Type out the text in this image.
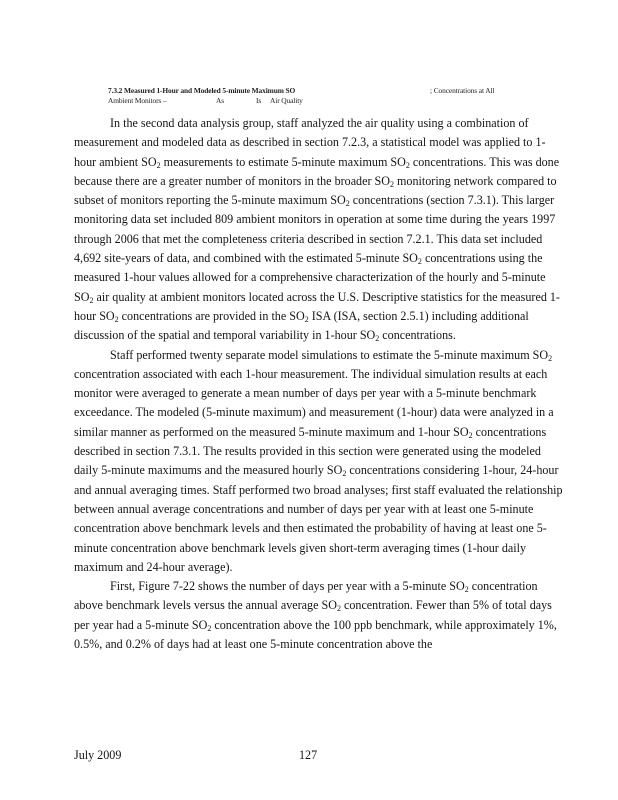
7.3.2 Measured 1-Hour and Modeled 5-minute Maximum SO	; Concentrations at All
Ambient Monitors –	As	Is Air Quality

In the second data analysis group, staff analyzed the air quality using a combination of measurement and modeled data as described in section 7.2.3, a statistical model was applied to 1-hour ambient $SO_2$ measurements to estimate 5-minute maximum $SO_2$ concentrations. This was done because there are a greater number of monitors in the broader $SO_2$ monitoring network compared to subset of monitors reporting the 5-minute maximum $SO_2$ concentrations (section 7.3.1). This larger monitoring data set included 809 ambient monitors in operation at some time during the years 1997 through 2006 that met the completeness criteria described in section 7.2.1. This data set included 4,692 site-years of data, and combined with the estimated 5-minute $SO_2$ concentrations using the measured 1-hour values allowed for a comprehensive characterization of the hourly and 5-minute $SO_2$ air quality at ambient monitors located across the U.S. Descriptive statistics for the measured 1-hour $SO_2$ concentrations are provided in the $SO_2$ ISA (ISA, section 2.5.1) including additional discussion of the spatial and temporal variability in 1-hour $SO_2$ concentrations.

Staff performed twenty separate model simulations to estimate the 5-minute maximum $SO_2$ concentration associated with each 1-hour measurement. The individual simulation results at each monitor were averaged to generate a mean number of days per year with a 5-minute benchmark exceedance. The modeled (5-minute maximum) and measurement (1-hour) data were analyzed in a similar manner as performed on the measured 5-minute maximum and 1-hour $SO_2$ concentrations described in section 7.3.1. The results provided in this section were generated using the modeled daily 5-minute maximums and the measured hourly $SO_2$ concentrations considering 1-hour, 24-hour and annual averaging times. Staff performed two broad analyses; first staff evaluated the relationship between annual average concentrations and number of days per year with at least one 5-minute concentration above benchmark levels and then estimated the probability of having at least one 5-minute concentration above benchmark levels given short-term averaging times (1-hour daily maximum and 24-hour average).

First, Figure 7-22 shows the number of days per year with a 5-minute $SO_2$ concentration above benchmark levels versus the annual average $SO_2$ concentration. Fewer than 5% of total days per year had a 5-minute $SO_2$ concentration above the 100 ppb benchmark, while approximately 1%, 0.5%, and 0.2% of days had at least one 5-minute concentration above the

July 2009	127
